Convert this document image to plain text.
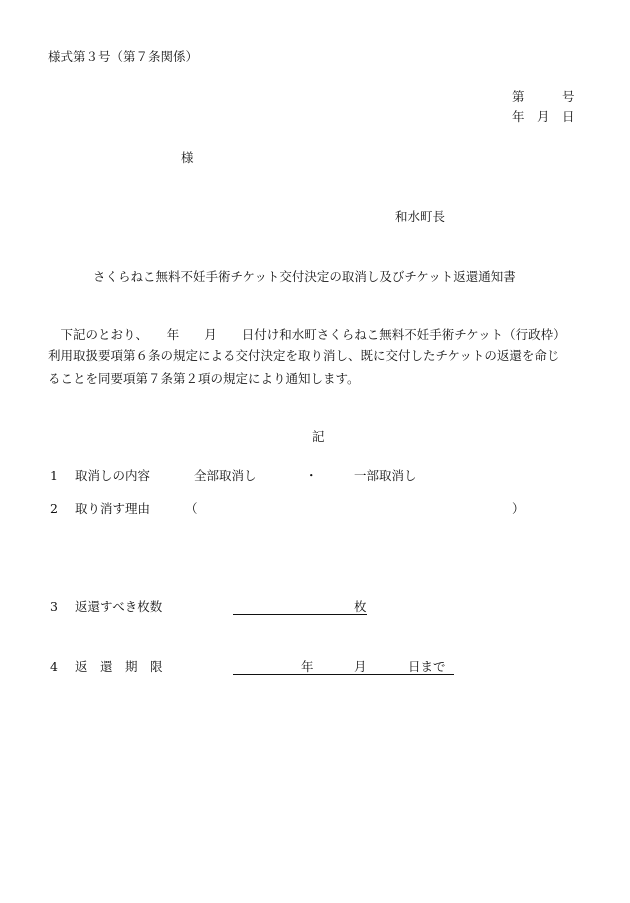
様式第３号（第７条関係）
第　　　号
年　月　日
様
和水町長
さくらねこ無料不妊手術チケット交付決定の取消し及びチケット返還通知書
　下記のとおり、　　年　　月　　日付け和水町さくらねこ無料不妊手術チケット（行政枠）
利用取扱要項第６条の規定による交付決定を取り消し、既に交付したチケットの返還を命じ
ることを同要項第７条第２項の規定により通知します。
記
1 取消しの内容	全部取消し	・	一部取消し
2 取り消す理由	（	）
3 返還すべき枚数	枚
4 返　還　期　限	年	月	日まで
